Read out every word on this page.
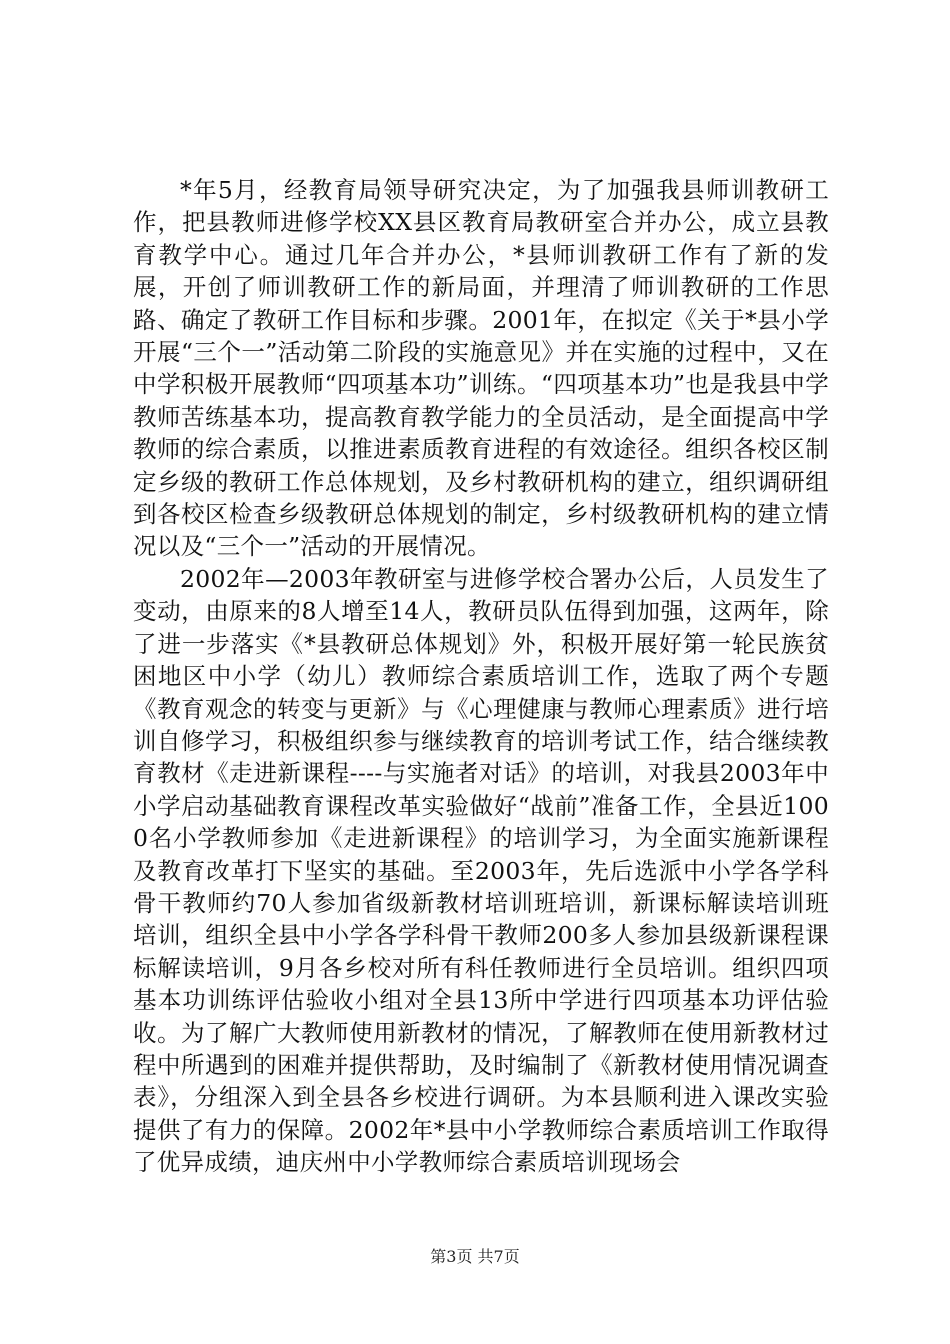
*年5月，经教育局领导研究决定，为了加强我县师训教研工作，把县教师进修学校XX县区教育局教研室合并办公，成立县教育教学中心。通过几年合并办公，*县师训教研工作有了新的发展，开创了师训教研工作的新局面，并理清了师训教研的工作思路、确定了教研工作目标和步骤。2001年，在拟定《关于*县小学开展“三个一”活动第二阶段的实施意见》并在实施的过程中，又在中学积极开展教师“四项基本功”训练。“四项基本功”也是我县中学教师苦练基本功，提高教育教学能力的全员活动，是全面提高中学教师的综合素质，以推进素质教育进程的有效途径。组织各校区制定乡级的教研工作总体规划，及乡村教研机构的建立，组织调研组到各校区检查乡级教研总体规划的制定，乡村级教研机构的建立情况以及“三个一”活动的开展情况。

2002年—2003年教研室与进修学校合署办公后，人员发生了变动，由原来的8人增至14人，教研员队伍得到加强，这两年，除了进一步落实《*县教研总体规划》外，积极开展好第一轮民族贫困地区中小学（幼儿）教师综合素质培训工作，选取了两个专题《教育观念的转变与更新》与《心理健康与教师心理素质》进行培训自修学习，积极组织参与继续教育的培训考试工作，结合继续教育教材《走进新课程----与实施者对话》的培训，对我县2003年中小学启动基础教育课程改革实验做好“战前”准备工作，全县近1000名小学教师参加《走进新课程》的培训学习，为全面实施新课程及教育改革打下坚实的基础。至2003年，先后选派中小学各学科骨干教师约70人参加省级新教材培训班培训，新课标解读培训班培训，组织全县中小学各学科骨干教师200多人参加县级新课程课标解读培训，9月各乡校对所有科任教师进行全员培训。组织四项基本功训练评估验收小组对全县13所中学进行四项基本功评估验收。为了解广大教师使用新教材的情况，了解教师在使用新教材过程中所遇到的困难并提供帮助，及时编制了《新教材使用情况调查表》，分组深入到全县各乡校进行调研。为本县顺利进入课改实验提供了有力的保障。2002年*县中小学教师综合素质培训工作取得了优异成绩，迪庆州中小学教师综合素质培训现场会

第3页 共7页
